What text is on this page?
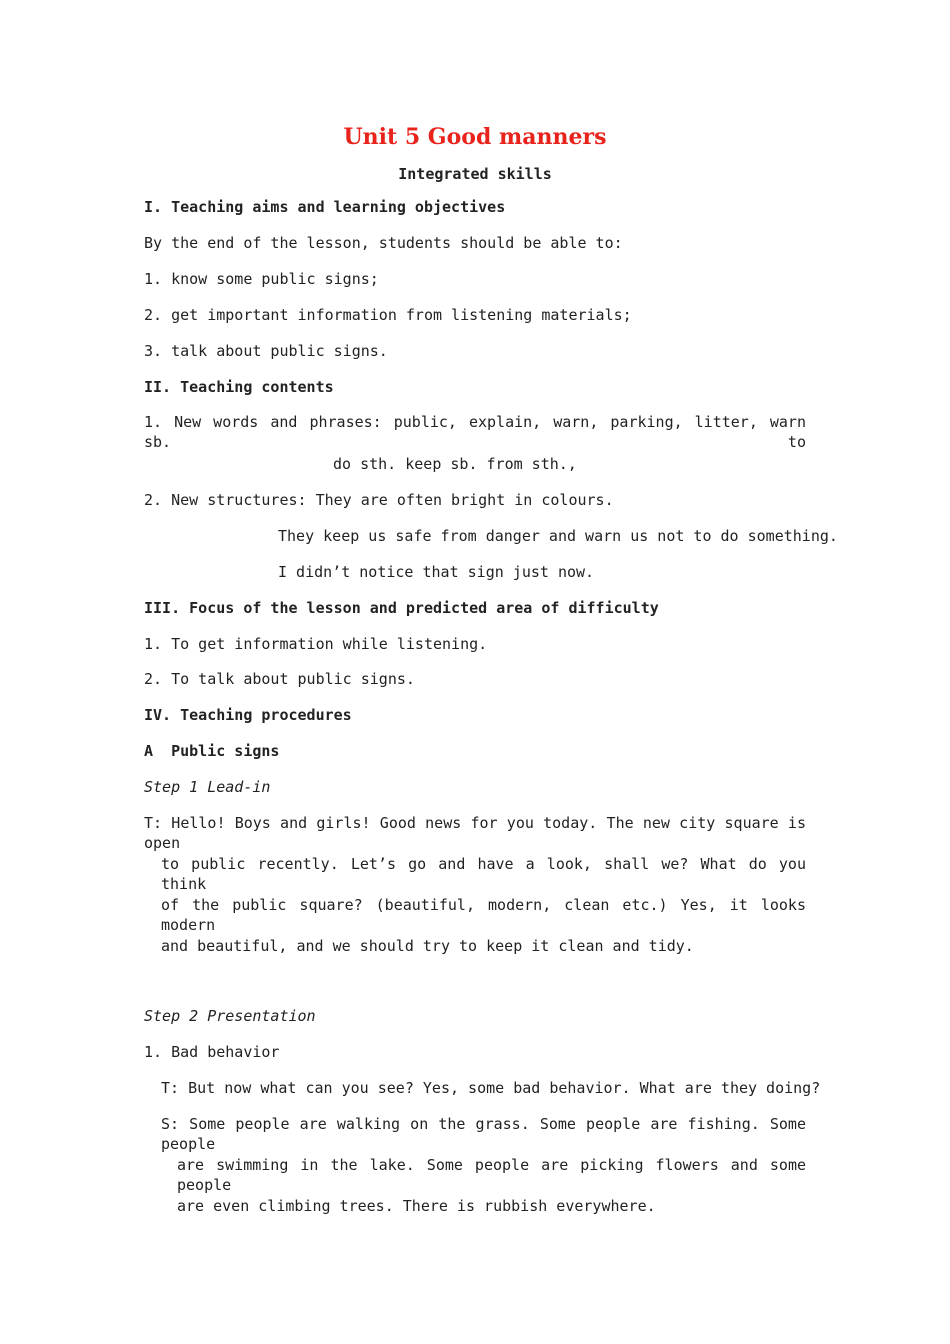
Unit 5 Good manners
Integrated skills
I. Teaching aims and learning objectives
By the end of the lesson, students should be able to:
1. know some public signs;
2. get important information from listening materials;
3. talk about public signs.
II. Teaching contents
1. New words and phrases: public, explain, warn, parking, litter, warn sb. to
do sth. keep sb. from sth.,
2. New structures: They are often bright in colours.
They keep us safe from danger and warn us not to do something.
I didn’t notice that sign just now.
III. Focus of the lesson and predicted area of difficulty
1. To get information while listening.
2. To talk about public signs.
IV. Teaching procedures
A  Public signs
Step 1 Lead-in
T: Hello! Boys and girls! Good news for you today. The new city square is open
to public recently. Let’s go and have a look, shall we? What do you think
of the public square? (beautiful, modern, clean etc.) Yes, it looks modern
and beautiful, and we should try to keep it clean and tidy.
Step 2 Presentation
1. Bad behavior
T: But now what can you see? Yes, some bad behavior. What are they doing?
S: Some people are walking on the grass. Some people are fishing. Some people
are swimming in the lake. Some people are picking flowers and some people
are even climbing trees. There is rubbish everywhere.
